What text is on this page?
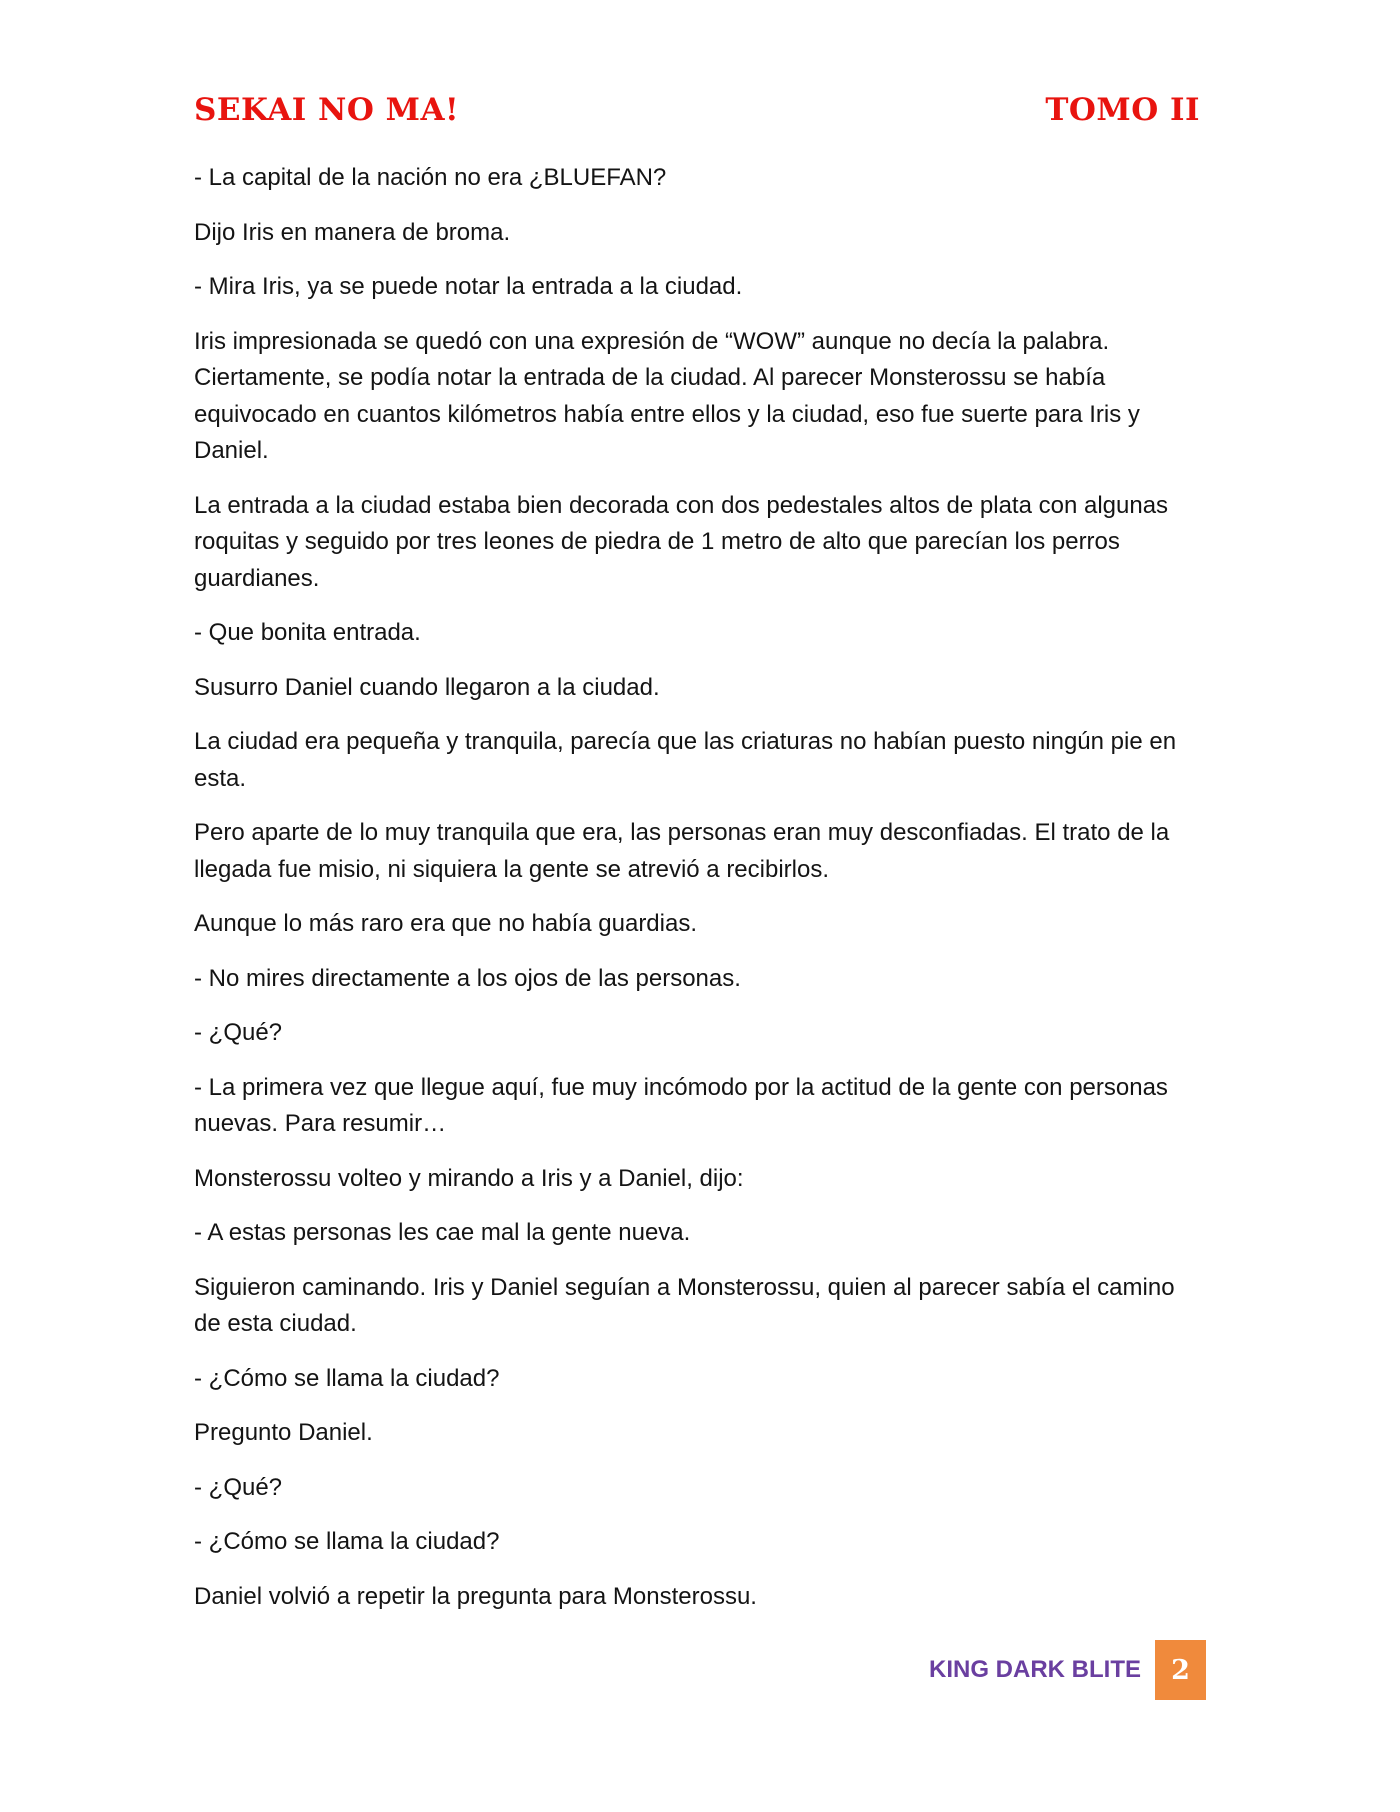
SEKAI NO MA!	TOMO II

- La capital de la nación no era ¿BLUEFAN?

Dijo Iris en manera de broma.

- Mira Iris, ya se puede notar la entrada a la ciudad.

Iris impresionada se quedó con una expresión de “WOW” aunque no decía la palabra. Ciertamente, se podía notar la entrada de la ciudad. Al parecer Monsterossu se había equivocado en cuantos kilómetros había entre ellos y la ciudad, eso fue suerte para Iris y Daniel.

La entrada a la ciudad estaba bien decorada con dos pedestales altos de plata con algunas roquitas y seguido por tres leones de piedra de 1 metro de alto que parecían los perros guardianes.

- Que bonita entrada.

Susurro Daniel cuando llegaron a la ciudad.

La ciudad era pequeña y tranquila, parecía que las criaturas no habían puesto ningún pie en esta.

Pero aparte de lo muy tranquila que era, las personas eran muy desconfiadas. El trato de la llegada fue misio, ni siquiera la gente se atrevió a recibirlos.

Aunque lo más raro era que no había guardias.

- No mires directamente a los ojos de las personas.

- ¿Qué?

- La primera vez que llegue aquí, fue muy incómodo por la actitud de la gente con personas nuevas. Para resumir…

Monsterossu volteo y mirando a Iris y a Daniel, dijo:

- A estas personas les cae mal la gente nueva.

Siguieron caminando. Iris y Daniel seguían a Monsterossu, quien al parecer sabía el camino de esta ciudad.

- ¿Cómo se llama la ciudad?

Pregunto Daniel.

- ¿Qué?

- ¿Cómo se llama la ciudad?

Daniel volvió a repetir la pregunta para Monsterossu.

KING DARK BLITE 2
